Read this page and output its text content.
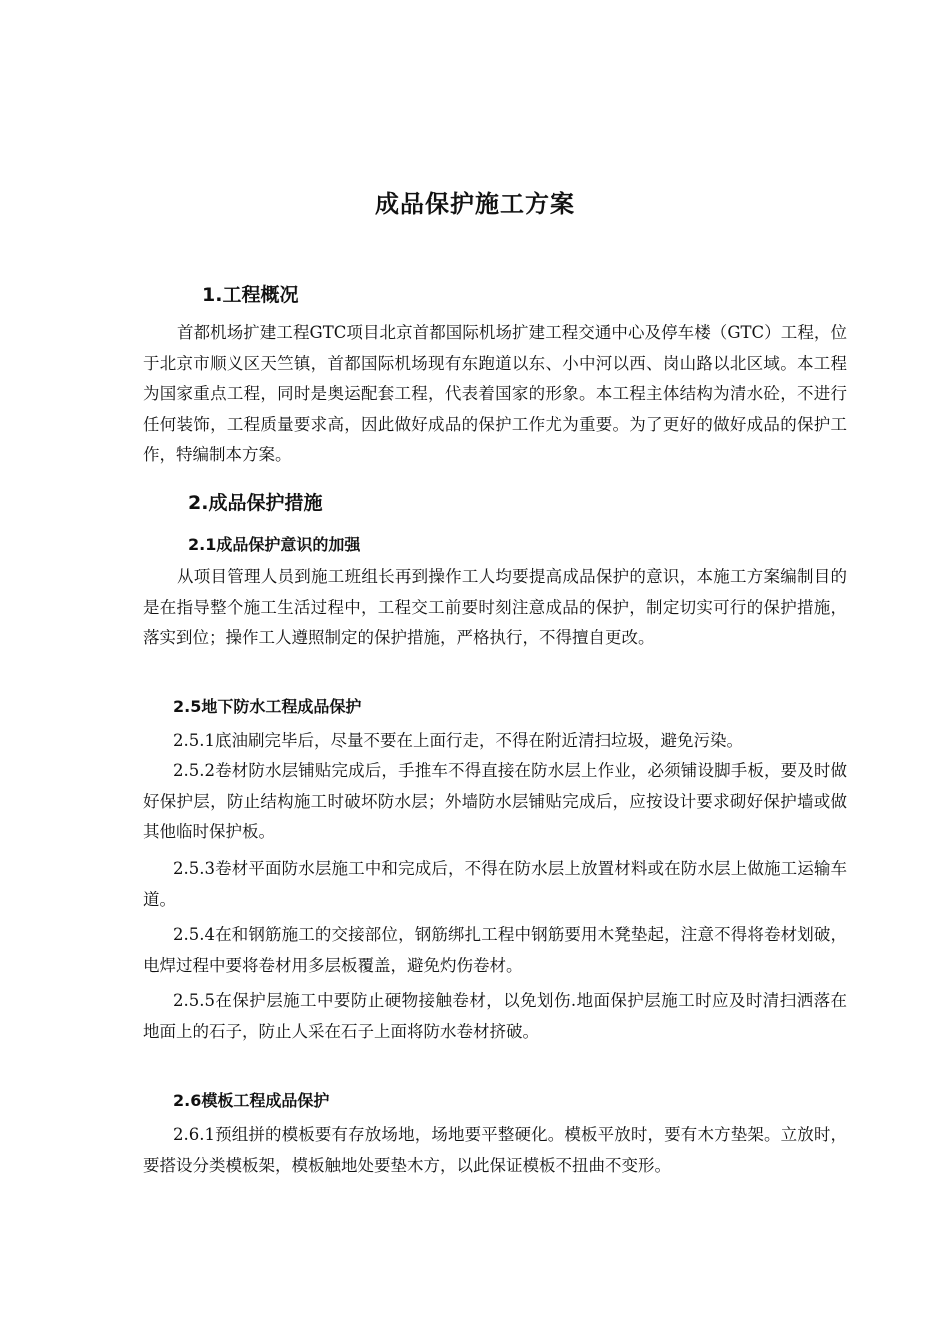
成品保护施工方案
1.工程概况
首都机场扩建工程GTC项目北京首都国际机场扩建工程交通中心及停车楼（GTC）工程，位于北京市顺义区天竺镇，首都国际机场现有东跑道以东、小中河以西、岗山路以北区域。本工程为国家重点工程，同时是奥运配套工程，代表着国家的形象。本工程主体结构为清水砼，不进行任何装饰，工程质量要求高，因此做好成品的保护工作尤为重要。为了更好的做好成品的保护工作，特编制本方案。
2.成品保护措施
2.1成品保护意识的加强
从项目管理人员到施工班组长再到操作工人均要提高成品保护的意识，本施工方案编制目的是在指导整个施工生活过程中，工程交工前要时刻注意成品的保护，制定切实可行的保护措施，落实到位；操作工人遵照制定的保护措施，严格执行，不得擅自更改。
2.5地下防水工程成品保护
2.5.1底油刷完毕后，尽量不要在上面行走，不得在附近清扫垃圾，避免污染。
2.5.2卷材防水层铺贴完成后，手推车不得直接在防水层上作业，必须铺设脚手板，要及时做好保护层，防止结构施工时破坏防水层；外墙防水层铺贴完成后，应按设计要求砌好保护墙或做其他临时保护板。
2.5.3卷材平面防水层施工中和完成后，不得在防水层上放置材料或在防水层上做施工运输车道。
2.5.4在和钢筋施工的交接部位，钢筋绑扎工程中钢筋要用木凳垫起，注意不得将卷材划破，电焊过程中要将卷材用多层板覆盖，避免灼伤卷材。
2.5.5在保护层施工中要防止硬物接触卷材，以免划伤.地面保护层施工时应及时清扫洒落在地面上的石子，防止人采在石子上面将防水卷材挤破。
2.6模板工程成品保护
2.6.1预组拼的模板要有存放场地，场地要平整硬化。模板平放时，要有木方垫架。立放时，要搭设分类模板架，模板触地处要垫木方，以此保证模板不扭曲不变形。
